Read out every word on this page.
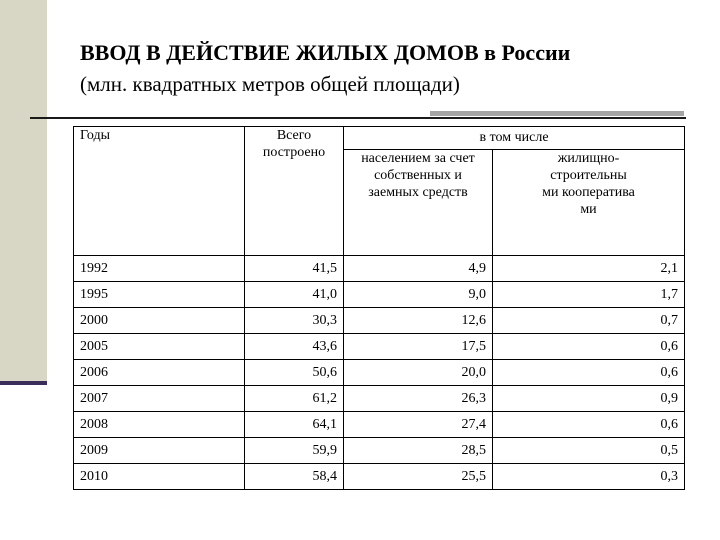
ВВОД В ДЕЙСТВИЕ ЖИЛЫХ ДОМОВ в России
(млн. квадратных метров общей площади)
Годы	Всего построено	в том числе	
		населением за счет собственных и заемных средств	жилищно-строительны ми кооператива ми
1992	41,5	4,9	2,1
1995	41,0	9,0	1,7
2000	30,3	12,6	0,7
2005	43,6	17,5	0,6
2006	50,6	20,0	0,6
2007	61,2	26,3	0,9
2008	64,1	27,4	0,6
2009	59,9	28,5	0,5
2010	58,4	25,5	0,3
